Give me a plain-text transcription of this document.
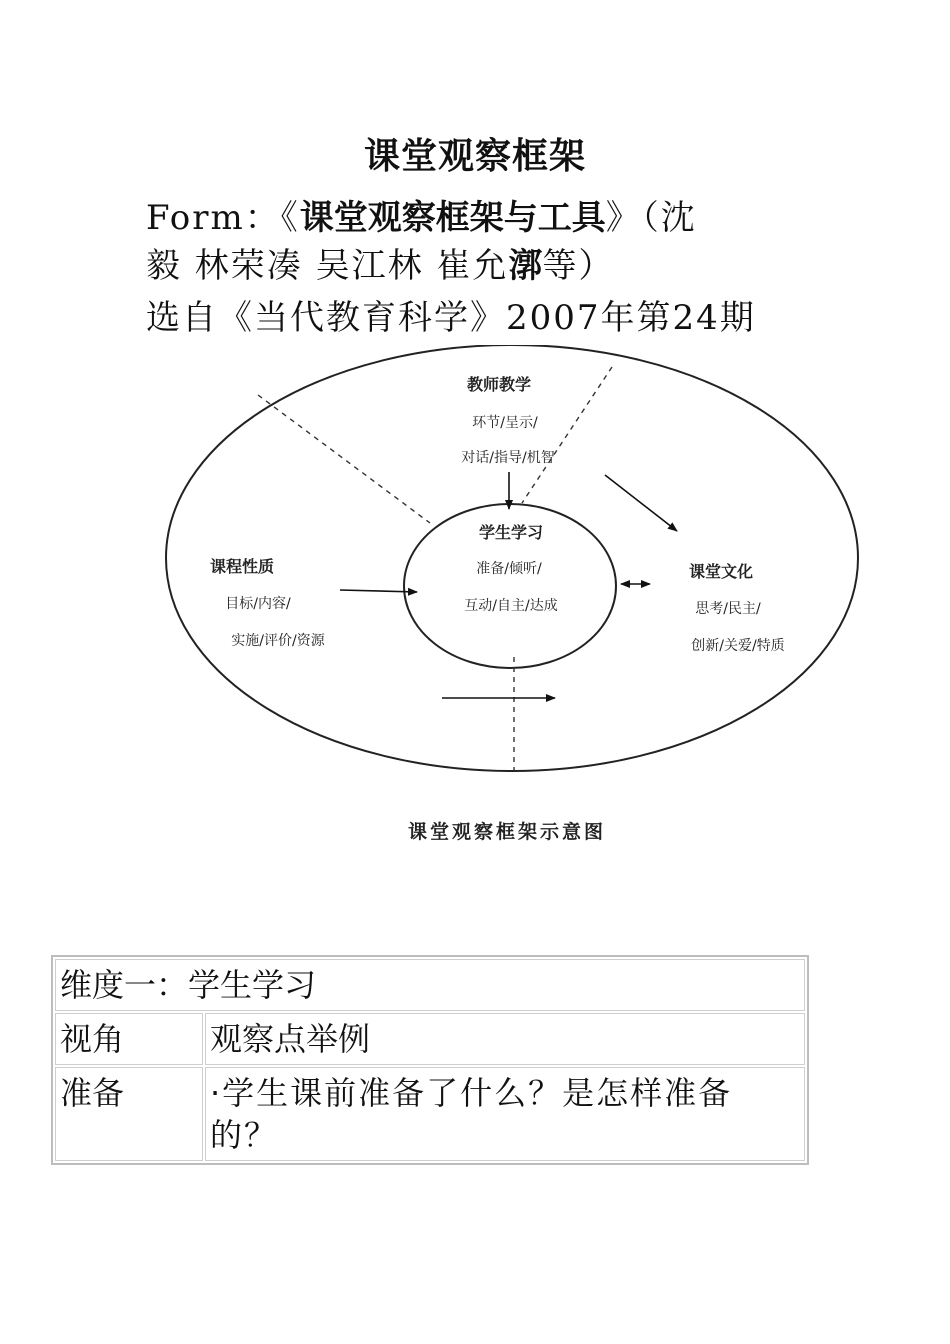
课堂观察框架
Form：《课堂观察框架与工具》（沈
毅 林荣凑 吴江林 崔允漷等）
选自《当代教育科学》2007年第24期
教师教学
环节/呈示/
对话/指导/机智
学生学习
准备/倾听/
互动/自主/达成
课程性质
目标/内容/
实施/评价/资源
课堂文化
思考/民主/
创新/关爱/特质
课堂观察框架示意图
维度一：学生学习	
视角	观察点举例
准备	·学生课前准备了什么？是怎样准备的？
